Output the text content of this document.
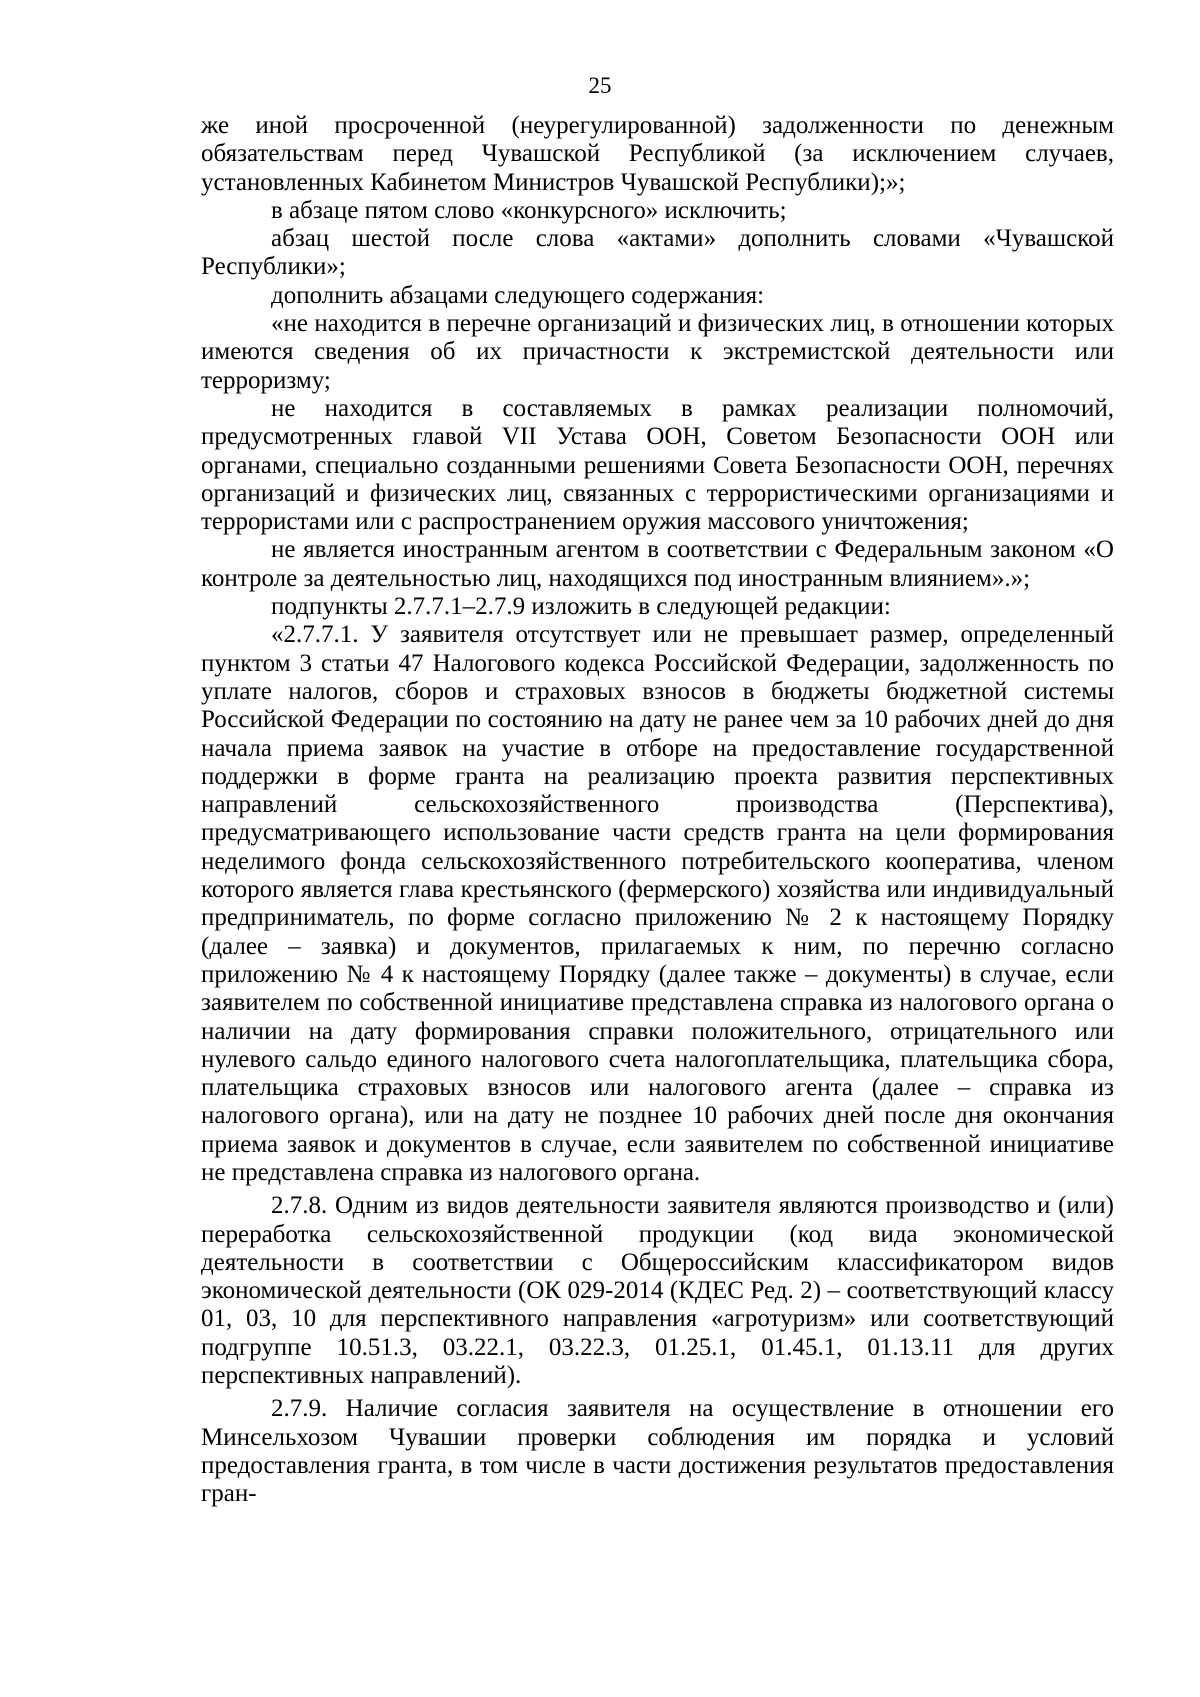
25

же иной просроченной (неурегулированной) задолженности по денежным обязательствам перед Чувашской Республикой (за исключением случаев, установленных Кабинетом Министров Чувашской Республики);»;

в абзаце пятом слово «конкурсного» исключить;

абзац шестой после слова «актами» дополнить словами «Чувашской Республики»;

дополнить абзацами следующего содержания:

«не находится в перечне организаций и физических лиц, в отношении которых имеются сведения об их причастности к экстремистской деятельности или терроризму;

не находится в составляемых в рамках реализации полномочий, предусмотренных главой VII Устава ООН, Советом Безопасности ООН или органами, специально созданными решениями Совета Безопасности ООН, перечнях организаций и физических лиц, связанных с террористическими организациями и террористами или с распространением оружия массового уничтожения;

не является иностранным агентом в соответствии с Федеральным законом «О контроле за деятельностью лиц, находящихся под иностранным влиянием».»;

подпункты 2.7.7.1–2.7.9 изложить в следующей редакции:

«2.7.7.1. У заявителя отсутствует или не превышает размер, определенный пунктом 3 статьи 47 Налогового кодекса Российской Федерации, задолженность по уплате налогов, сборов и страховых взносов в бюджеты бюджетной системы Российской Федерации по состоянию на дату не ранее чем за 10 рабочих дней до дня начала приема заявок на участие в отборе на предоставление государственной поддержки в форме гранта на реализацию проекта развития перспективных направлений сельскохозяйственного производства (Перспектива), предусматривающего использование части средств гранта на цели формирования неделимого фонда сельскохозяйственного потребительского кооператива, членом которого является глава крестьянского (фермерского) хозяйства или индивидуальный предприниматель, по форме согласно приложению № 2 к настоящему Порядку (далее – заявка) и документов, прилагаемых к ним, по перечню согласно приложению № 4 к настоящему Порядку (далее также – документы) в случае, если заявителем по собственной инициативе представлена справка из налогового органа о наличии на дату формирования справки положительного, отрицательного или нулевого сальдо единого налогового счета налогоплательщика, плательщика сбора, плательщика страховых взносов или налогового агента (далее – справка из налогового органа), или на дату не позднее 10 рабочих дней после дня окончания приема заявок и документов в случае, если заявителем по собственной инициативе не представлена справка из налогового органа.

2.7.8. Одним из видов деятельности заявителя являются производство и (или) переработка сельскохозяйственной продукции (код вида экономической деятельности в соответствии с Общероссийским классификатором видов экономической деятельности (ОК 029-2014 (КДЕС Ред. 2) – соответствующий классу 01, 03, 10 для перспективного направления «агротуризм» или соответствующий подгруппе 10.51.3, 03.22.1, 03.22.3, 01.25.1, 01.45.1, 01.13.11 для других перспективных направлений).

2.7.9. Наличие согласия заявителя на осуществление в отношении его Минсельхозом Чувашии проверки соблюдения им порядка и условий предоставления гранта, в том числе в части достижения результатов предоставления гран-
